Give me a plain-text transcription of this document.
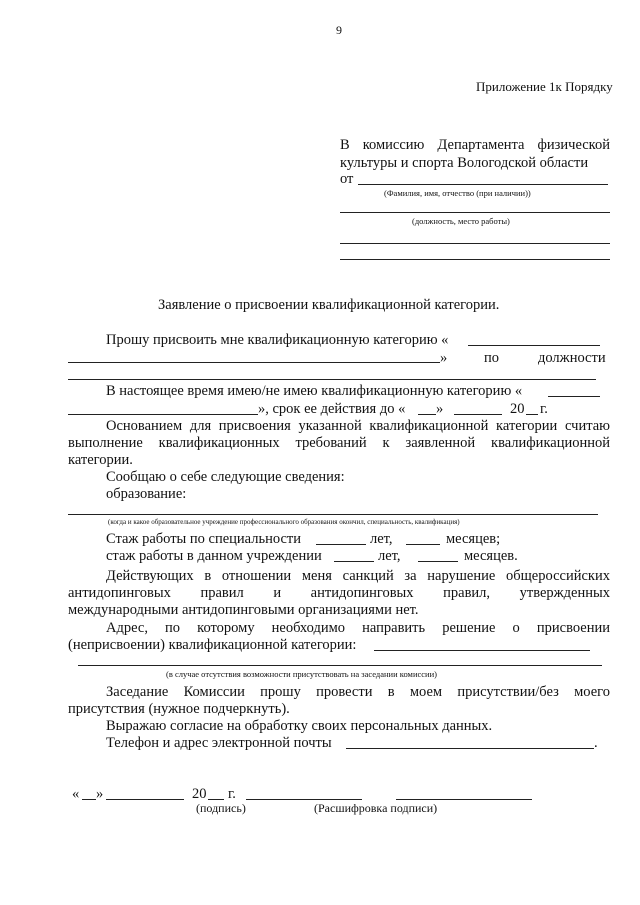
9
Приложение 1к Порядку
В комиссию Департамента физической
культуры и спорта Вологодской области
от
(Фамилия, имя, отчество (при наличии))
(должность, место работы)
Заявление о присвоении квалификационной категории.
Прошу присвоить мне квалификационную категорию «
»	по	должности
В настоящее время имею/не имею квалификационную категорию «
», срок ее действия до « »	20 г.
Основанием для присвоения указанной квалификационной категории считаю
выполнение квалификационных требований к заявленной квалификационной
категории.
Сообщаю о себе следующие сведения:
образование:
(когда и какое образовательное учреждение профессионального образования окончил, специальность, квалификация)
Стаж работы по специальности	лет,	месяцев;
стаж работы в данном учреждении	лет,	месяцев.
Действующих в отношении меня санкций за нарушение общероссийских
антидопинговых правил и антидопинговых правил, утвержденных
международными антидопинговыми организациями нет.
Адрес, по которому необходимо направить решение о присвоении
(неприсвоении) квалификационной категории:
(в случае отсутствия возможности присутствовать на заседании комиссии)
Заседание Комиссии прошу провести в моем присутствии/без моего
присутствия (нужное подчеркнуть).
Выражаю согласие на обработку своих персональных данных.
Телефон и адрес электронной почты	.
« »	20 г.
(подпись)	(Расшифровка подписи)
